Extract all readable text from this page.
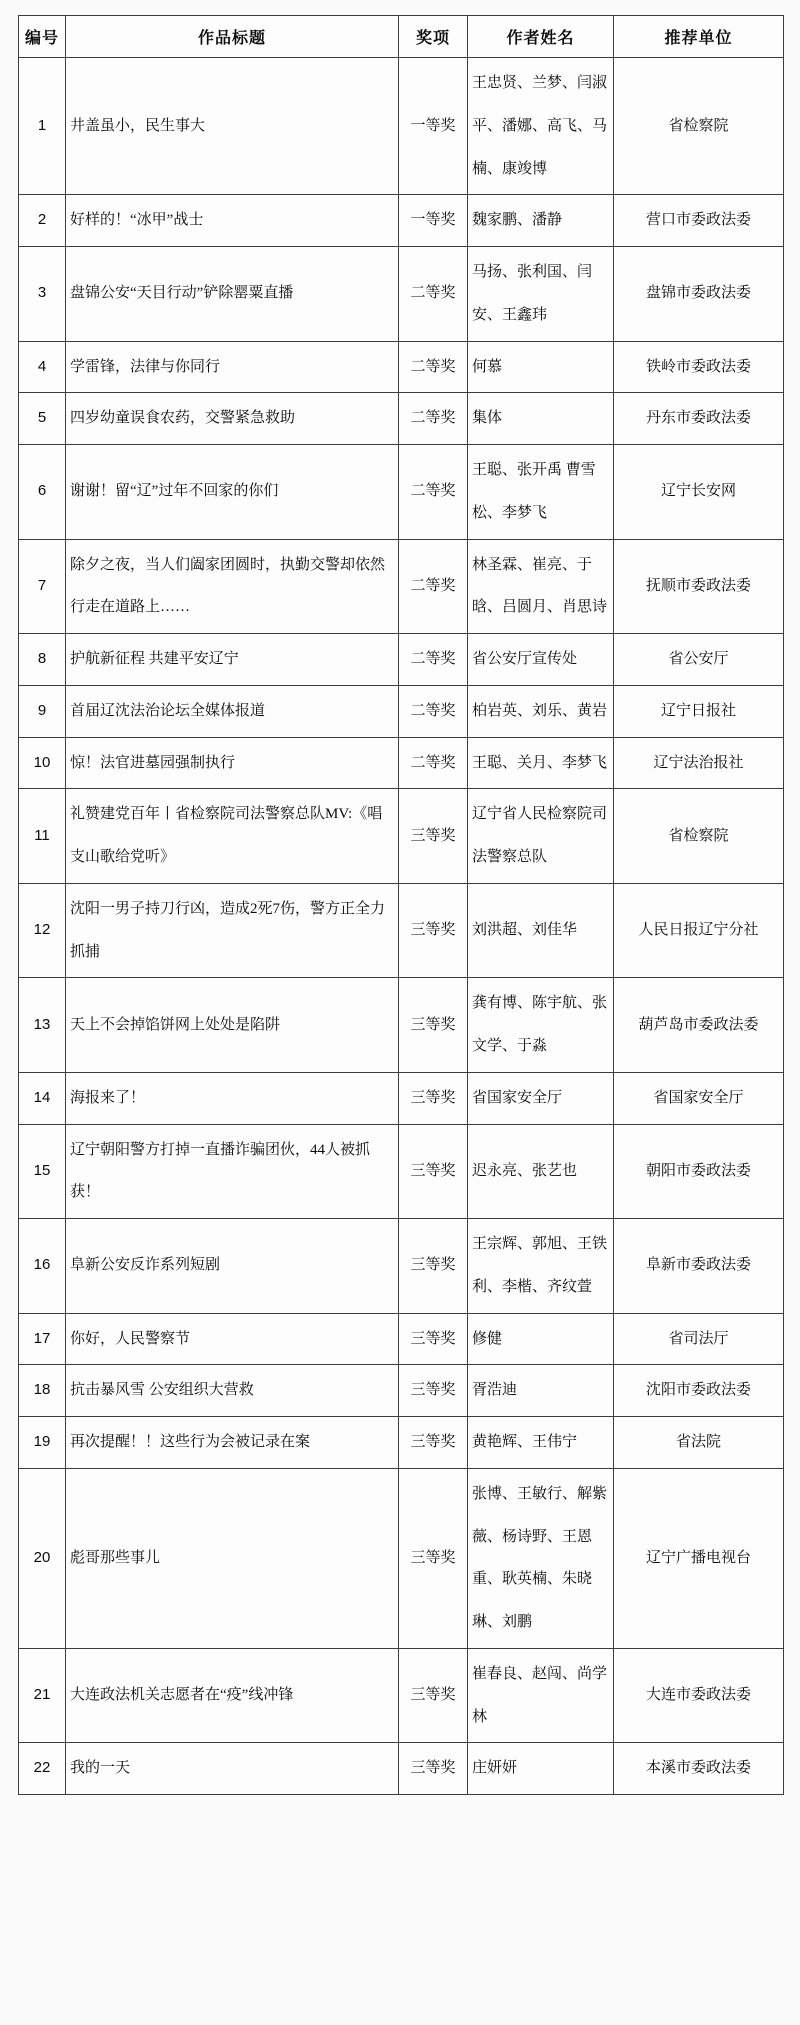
编号	作品标题	奖项	作者姓名	推荐单位
1	井盖虽小，民生事大	一等奖	王忠贤、兰梦、闫淑平、潘娜、高飞、马楠、康竣博	省检察院
2	好样的！“冰甲”战士	一等奖	魏家鹏、潘静	营口市委政法委
3	盘锦公安“天目行动”铲除罂粟直播	二等奖	马扬、张利国、闫安、王鑫玮	盘锦市委政法委
4	学雷锋，法律与你同行	二等奖	何慕	铁岭市委政法委
5	四岁幼童误食农药，交警紧急救助	二等奖	集体	丹东市委政法委
6	谢谢！留“辽”过年不回家的你们	二等奖	王聪、张开禹 曹雪松、李梦飞	辽宁长安网
7	除夕之夜，当人们阖家团圆时，执勤交警却依然行走在道路上……	二等奖	林圣霖、崔亮、于晗、吕圆月、肖思诗	抚顺市委政法委
8	护航新征程 共建平安辽宁	二等奖	省公安厅宣传处	省公安厅
9	首届辽沈法治论坛全媒体报道	二等奖	柏岩英、刘乐、黄岩	辽宁日报社
10	惊！法官进墓园强制执行	二等奖	王聪、关月、李梦飞	辽宁法治报社
11	礼赞建党百年丨省检察院司法警察总队MV:《唱支山歌给党听》	三等奖	辽宁省人民检察院司法警察总队	省检察院
12	沈阳一男子持刀行凶，造成2死7伤，警方正全力抓捕	三等奖	刘洪超、刘佳华	人民日报辽宁分社
13	天上不会掉馅饼网上处处是陷阱	三等奖	龚有博、陈宇航、张文学、于淼	葫芦岛市委政法委
14	海报来了！	三等奖	省国家安全厅	省国家安全厅
15	辽宁朝阳警方打掉一直播诈骗团伙，44人被抓获！	三等奖	迟永亮、张艺也	朝阳市委政法委
16	阜新公安反诈系列短剧	三等奖	王宗辉、郭旭、王铁利、李楷、齐纹萱	阜新市委政法委
17	你好，人民警察节	三等奖	修健	省司法厅
18	抗击暴风雪 公安组织大营救	三等奖	胥浩迪	沈阳市委政法委
19	再次提醒！！这些行为会被记录在案	三等奖	黄艳辉、王伟宁	省法院
20	彪哥那些事儿	三等奖	张博、王敏行、解紫薇、杨诗野、王恩重、耿英楠、朱晓琳、刘鹏	辽宁广播电视台
21	大连政法机关志愿者在“疫”线冲锋	三等奖	崔春良、赵闯、尚学林	大连市委政法委
22	我的一天	三等奖	庄妍妍	本溪市委政法委
